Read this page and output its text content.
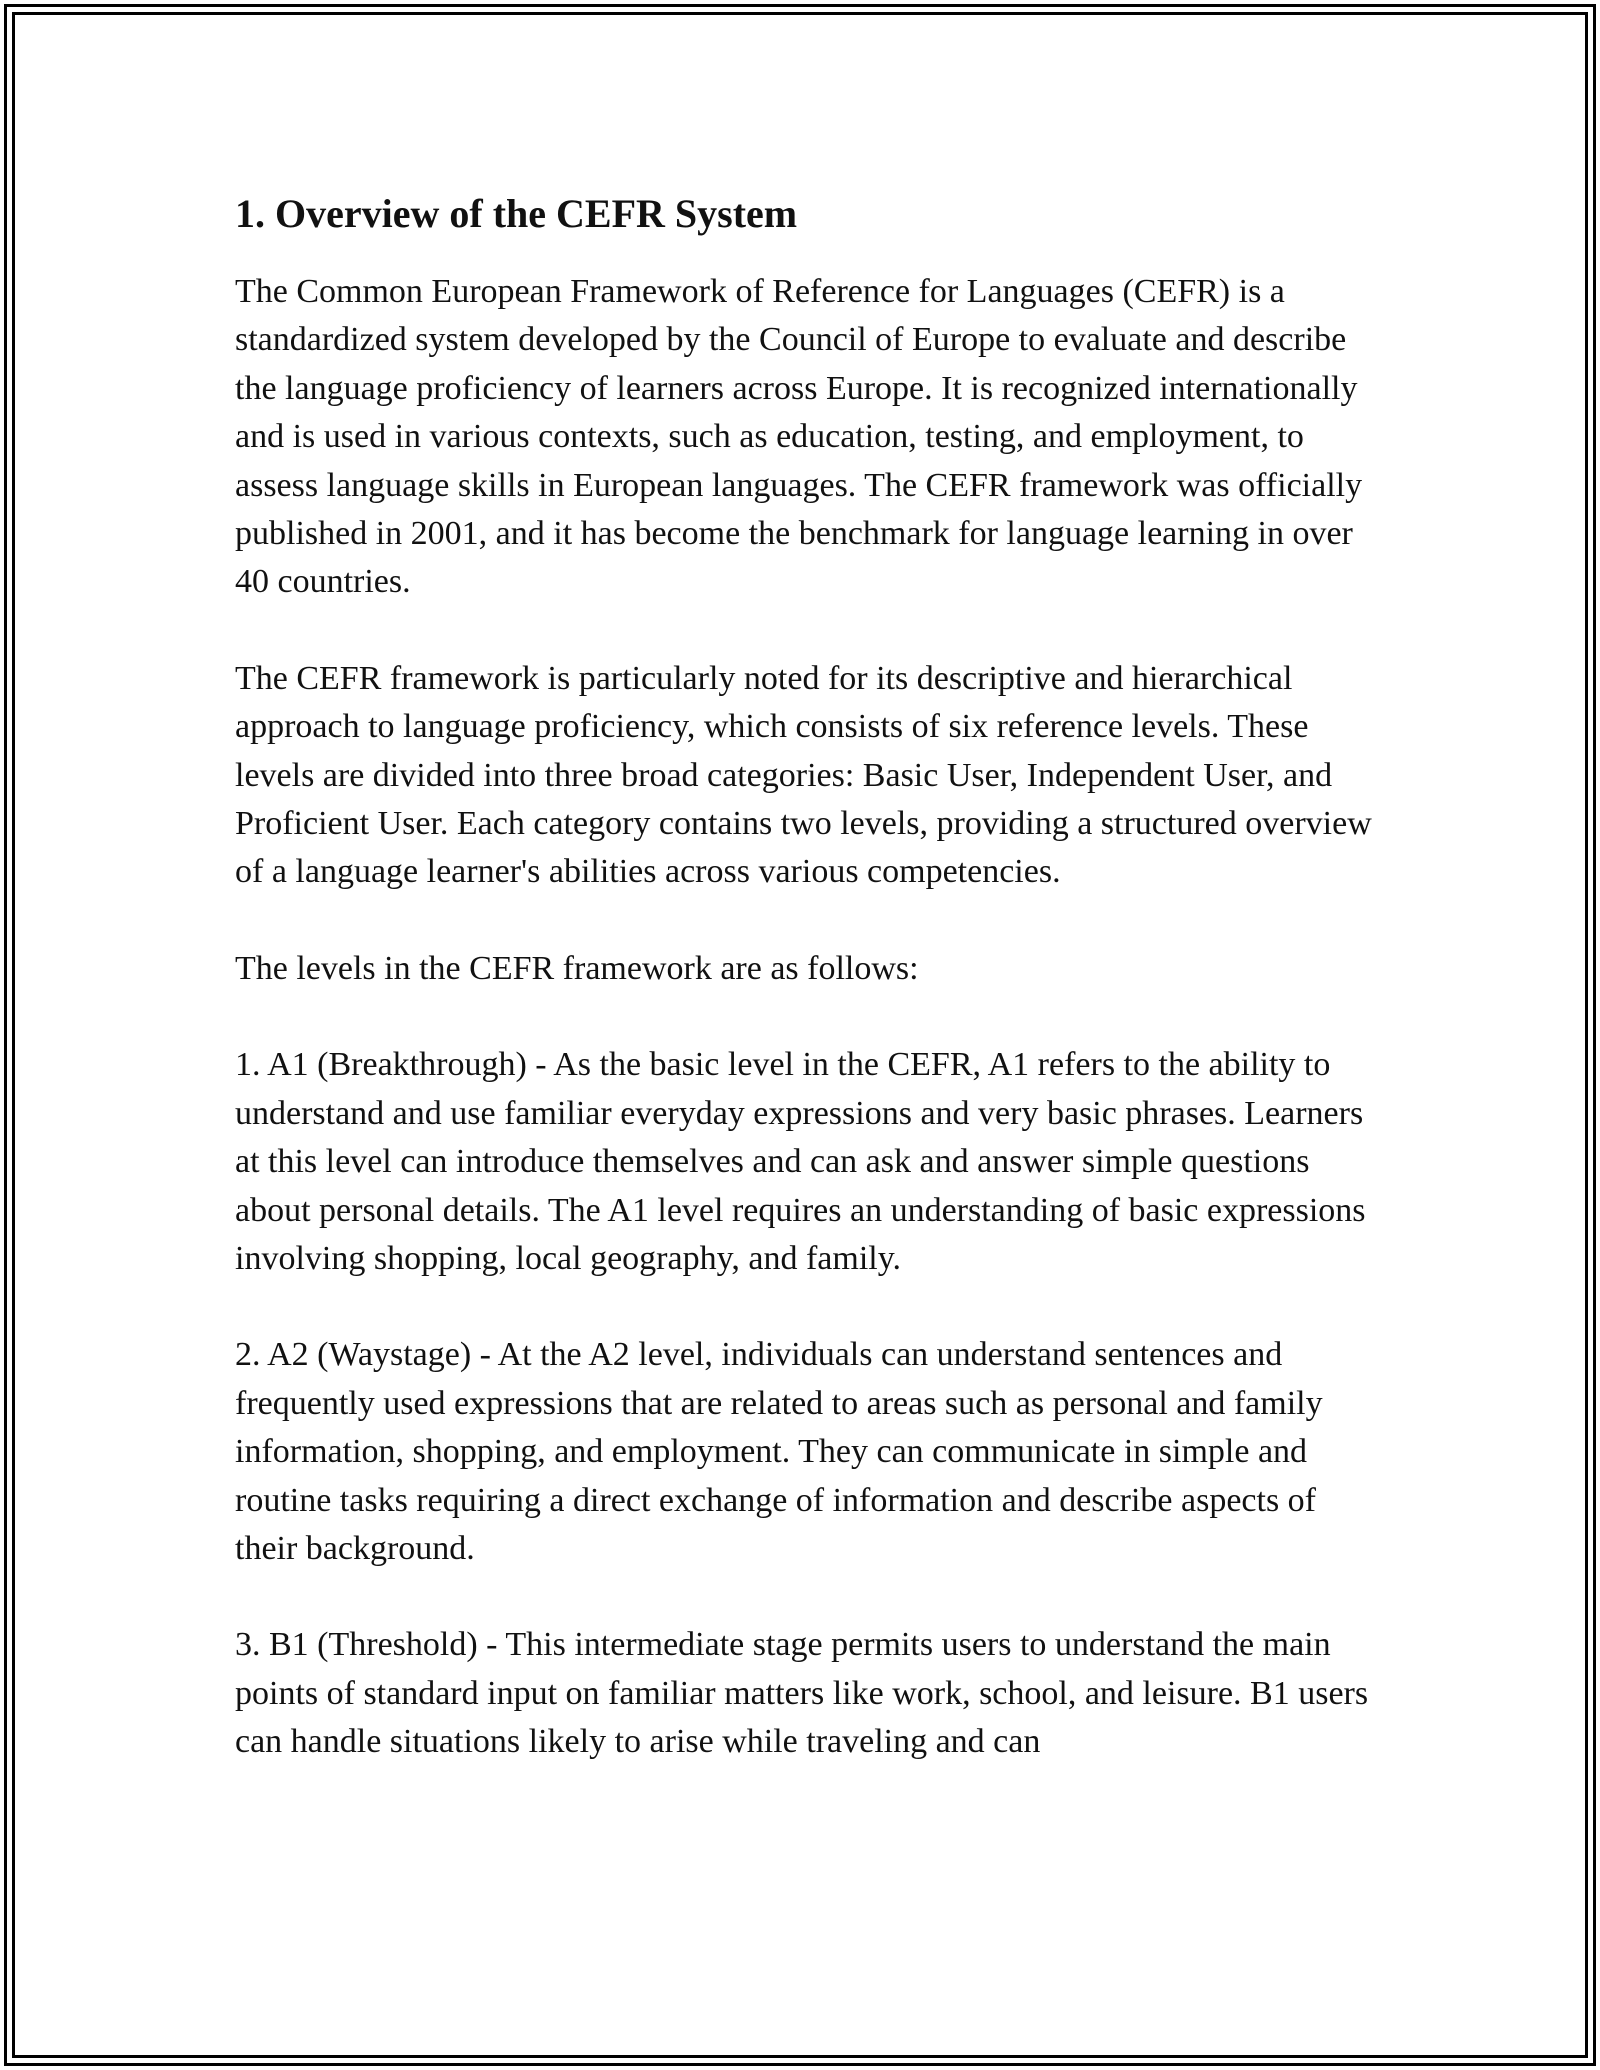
1. Overview of the CEFR System

The Common European Framework of Reference for Languages (CEFR) is a standardized system developed by the Council of Europe to evaluate and describe the language proficiency of learners across Europe. It is recognized internationally and is used in various contexts, such as education, testing, and employment, to assess language skills in European languages. The CEFR framework was officially published in 2001, and it has become the benchmark for language learning in over 40 countries.

The CEFR framework is particularly noted for its descriptive and hierarchical approach to language proficiency, which consists of six reference levels. These levels are divided into three broad categories: Basic User, Independent User, and Proficient User. Each category contains two levels, providing a structured overview of a language learner's abilities across various competencies.

The levels in the CEFR framework are as follows:

1. A1 (Breakthrough) - As the basic level in the CEFR, A1 refers to the ability to understand and use familiar everyday expressions and very basic phrases. Learners at this level can introduce themselves and can ask and answer simple questions about personal details. The A1 level requires an understanding of basic expressions involving shopping, local geography, and family.

2. A2 (Waystage) - At the A2 level, individuals can understand sentences and frequently used expressions that are related to areas such as personal and family information, shopping, and employment. They can communicate in simple and routine tasks requiring a direct exchange of information and describe aspects of their background.

3. B1 (Threshold) - This intermediate stage permits users to understand the main points of standard input on familiar matters like work, school, and leisure. B1 users can handle situations likely to arise while traveling and can
